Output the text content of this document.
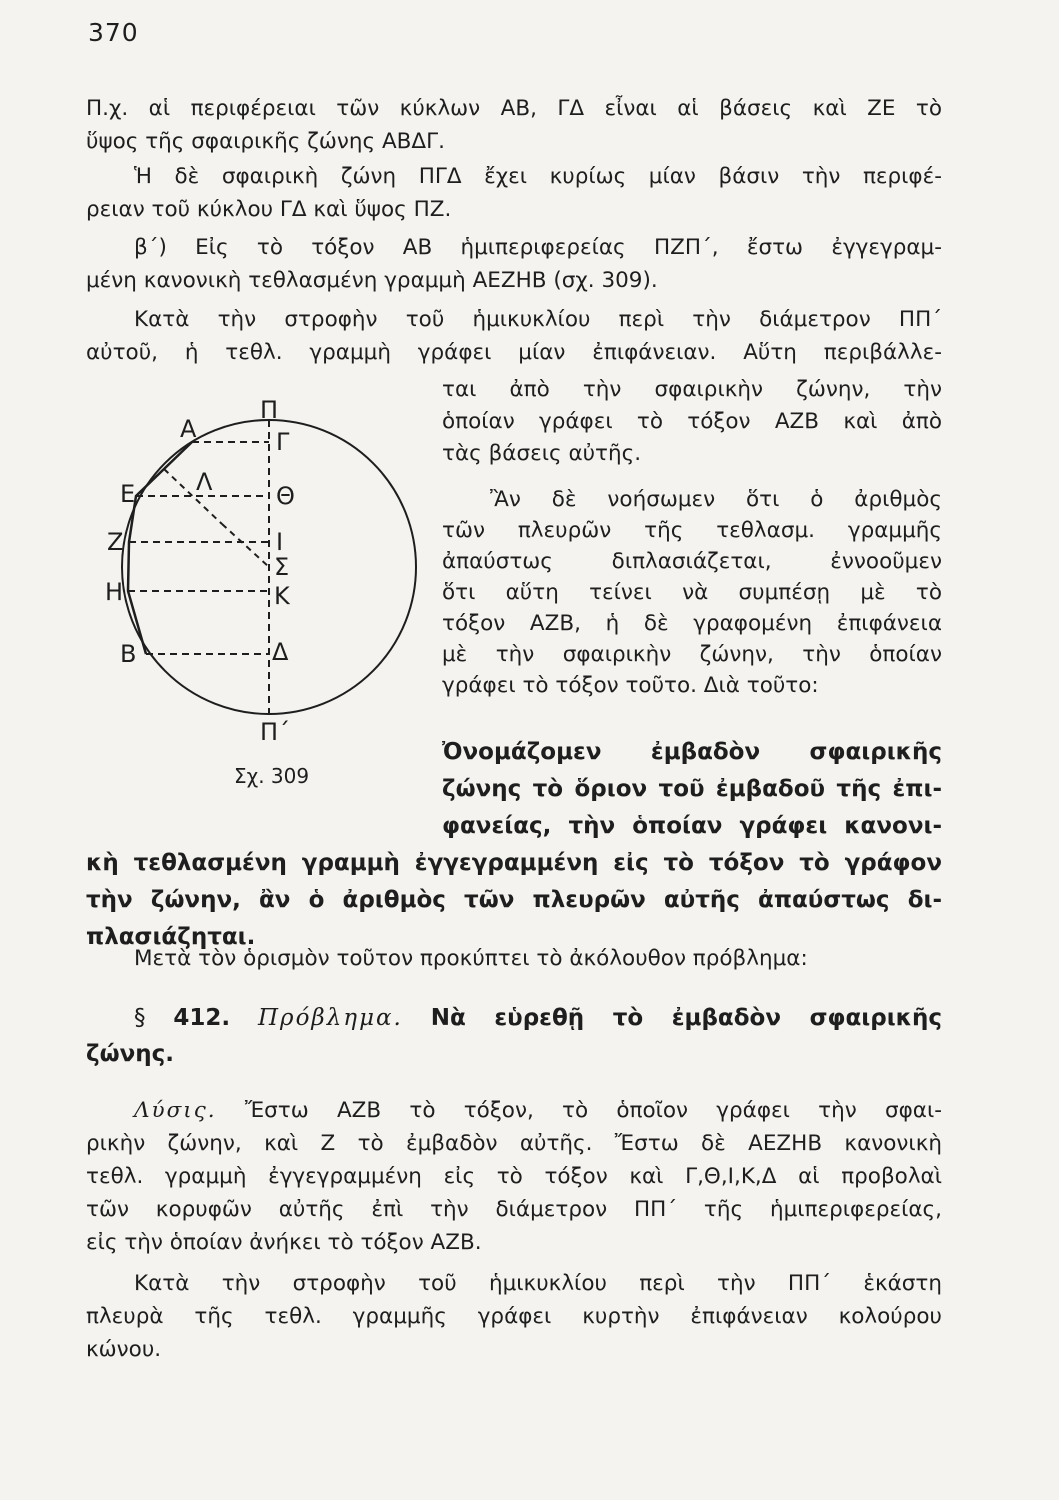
370
Π.χ. αἱ περιφέρειαι τῶν κύκλων ΑΒ, ΓΔ εἶναι αἱ βάσεις καὶ ΖΕ τὸ
ὕψος τῆς σφαιρικῆς ζώνης ΑΒΔΓ.
Ἡ δὲ σφαιρικὴ ζώνη ΠΓΔ ἔχει κυρίως μίαν βάσιν τὴν περιφέ-
ρειαν τοῦ κύκλου ΓΔ καὶ ὕψος ΠΖ.
β΄) Εἰς τὸ τόξον ΑΒ ἡμιπεριφερείας ΠΖΠ΄, ἔστω ἐγγεγραμ-
μένη κανονικὴ τεθλασμένη γραμμὴ ΑΕΖΗΒ (σχ. 309).
Κατὰ τὴν στροφὴν τοῦ ἡμικυκλίου περὶ τὴν διάμετρον ΠΠ΄
αὐτοῦ, ἡ τεθλ. γραμμὴ γράφει μίαν ἐπιφάνειαν. Αὕτη περιβάλλε-
ται ἀπὸ τὴν σφαιρικὴν ζώνην, τὴν
ὁποίαν γράφει τὸ τόξον ΑΖΒ καὶ ἀπὸ
τὰς βάσεις αὐτῆς.
Ἂν δὲ νοήσωμεν ὅτι ὁ ἀριθμὸς
τῶν πλευρῶν τῆς τεθλασμ. γραμμῆς
ἀπαύστως διπλασιάζεται, ἐννοοῦμεν
ὅτι αὕτη τείνει νὰ συμπέσῃ μὲ τὸ
τόξον ΑΖΒ, ἡ δὲ γραφομένη ἐπιφάνεια
μὲ τὴν σφαιρικὴν ζώνην, τὴν ὁποίαν
γράφει τὸ τόξον τοῦτο. Διὰ τοῦτο:
Ὀνομάζομεν ἐμβαδὸν σφαιρικῆς
ζώνης τὸ ὅριον τοῦ ἐμβαδοῦ τῆς ἐπι-
φανείας, τὴν ὁποίαν γράφει κανονι-
κὴ τεθλασμένη γραμμὴ ἐγγεγραμμένη εἰς τὸ τόξον τὸ γράφον
τὴν ζώνην, ἂν ὁ ἀριθμὸς τῶν πλευρῶν αὐτῆς ἀπαύστως δι-
πλασιάζηται.
Μετὰ τὸν ὁρισμὸν τοῦτον προκύπτει τὸ ἀκόλουθον πρόβλημα:
§ 412. Πρόβλημα. Νὰ εὑρεθῇ τὸ ἐμβαδὸν σφαιρικῆς
ζώνης.
Λύσις. Ἔστω ΑΖΒ τὸ τόξον, τὸ ὁποῖον γράφει τὴν σφαι-
ρικὴν ζώνην, καὶ Ζ τὸ ἐμβαδὸν αὐτῆς. Ἔστω δὲ ΑΕΖΗΒ κανονικὴ
τεθλ. γραμμὴ ἐγγεγραμμένη εἰς τὸ τόξον καὶ Γ,Θ,Ι,Κ,Δ αἱ προβολαὶ
τῶν κορυφῶν αὐτῆς ἐπὶ τὴν διάμετρον ΠΠ΄ τῆς ἡμιπεριφερείας,
εἰς τὴν ὁποίαν ἀνήκει τὸ τόξον ΑΖΒ.
Κατὰ τὴν στροφὴν τοῦ ἡμικυκλίου περὶ τὴν ΠΠ΄ ἑκάστη
πλευρὰ τῆς τεθλ. γραμμῆς γράφει κυρτὴν ἐπιφάνειαν κολούρου
κώνου.
Π
Π΄
Α
Λ
Γ
Ε	Θ
Ζ	Ι
Σ
Η	Κ
Β	Δ
Σχ. 309
